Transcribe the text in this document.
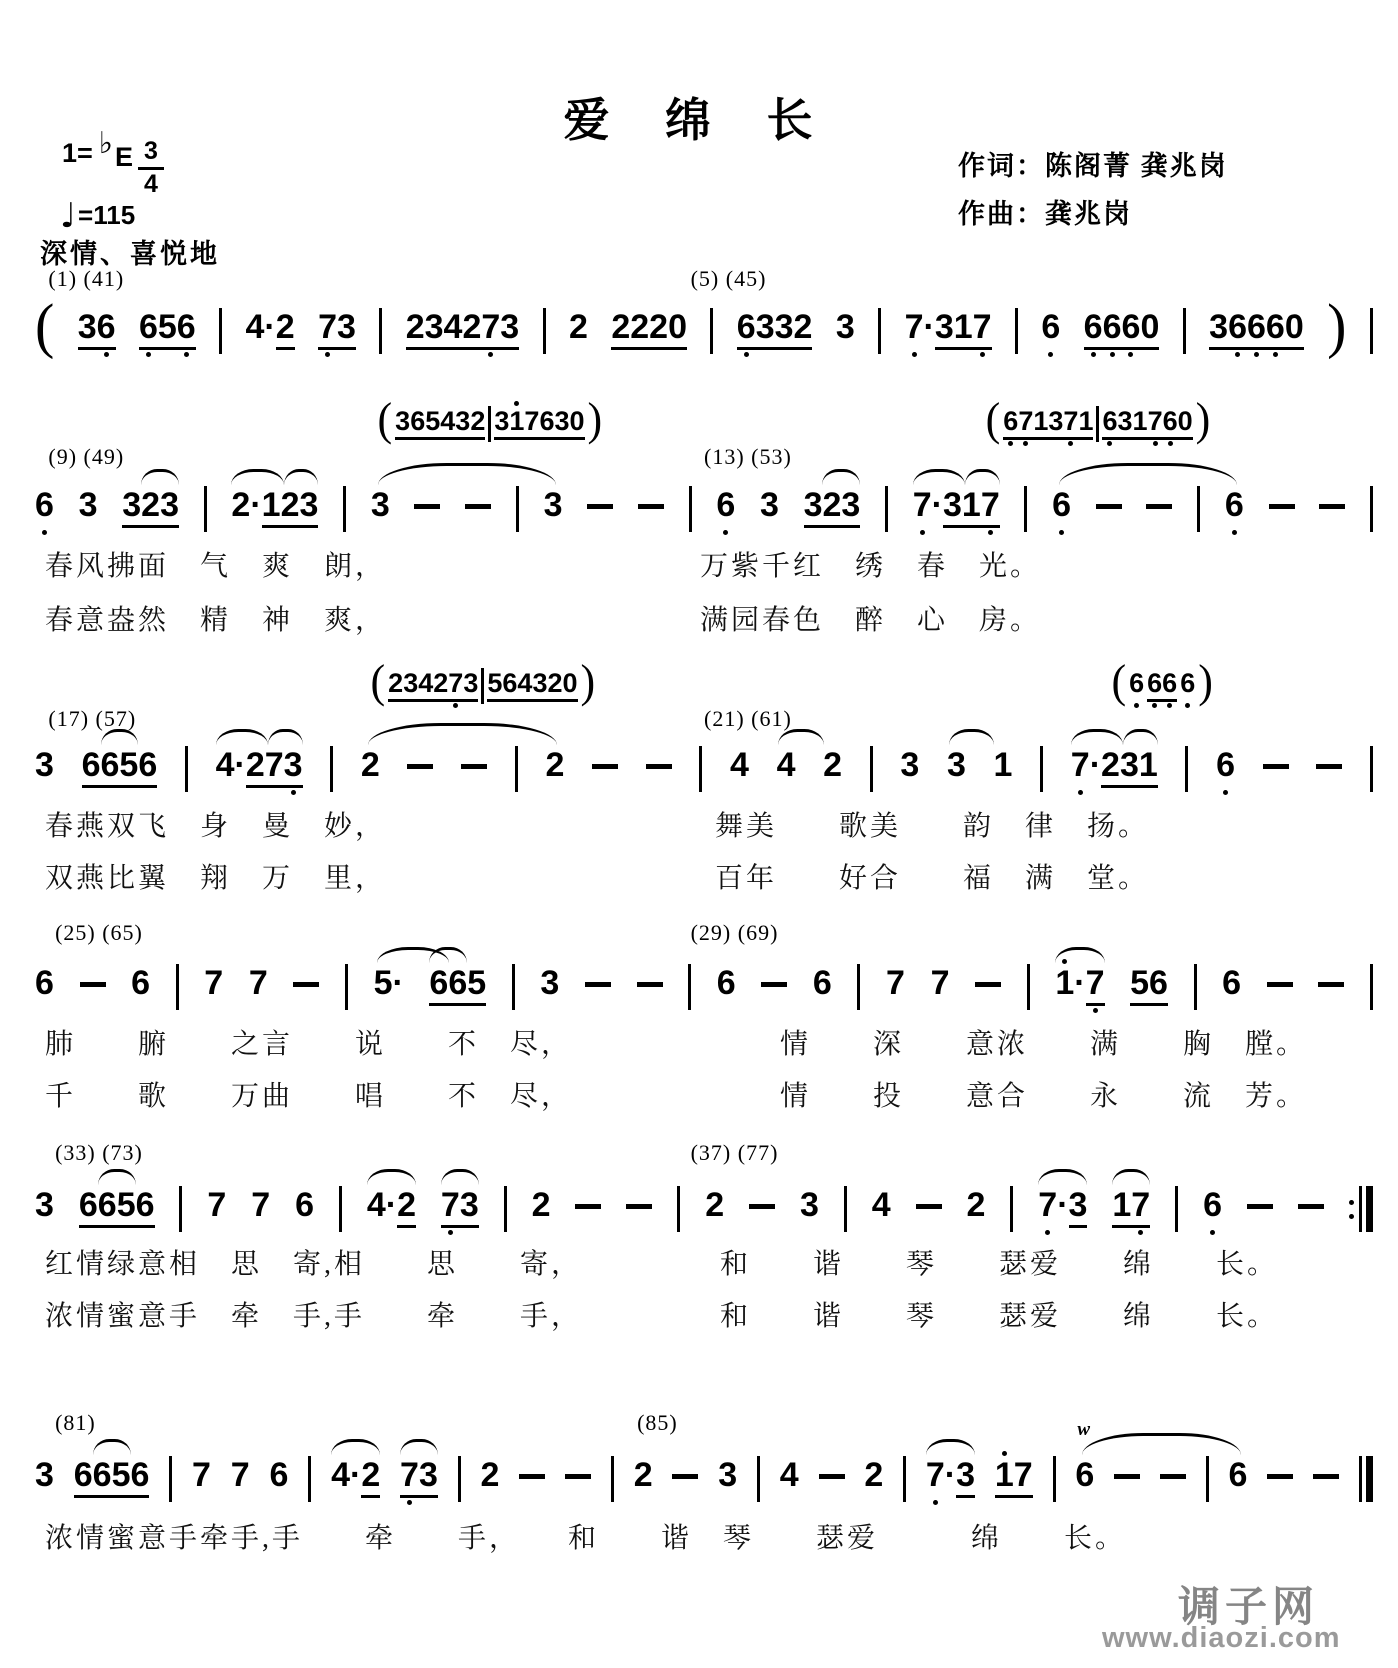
爱 绵 长
1= ♭ E $\frac{3}{4}$
♩ =115
深情、喜悦地
作词：陈阁菁 龚兆岗
作曲：龚兆岗
(1) (41)	(5) (45)
( 3 6 6 5 6 4 · 2 7 3 2 3 4 2 7 3 2 2 2 2 0 6 3 3 2 3 7 · 3 1 7 6 6 6 6 0 3 6 6 6 0 )
(9) (49)	(13) (53)
( 3 6 5 4 3 2 3 1 7 6 3 0 )	( 6 7 1 3 7 1 6 3 1 7 6 0 )
6 3 3 2 3 2 · 1 2 3 3	3	6 3 3 2 3 7 · 3 1 7 6	6
(17) (57)	(21) (61)
( 2 3 4 2 7 3 5 6 4 3 2 0 )	( 6 6 6 6 )
3 6 6 5 6 4 · 2 7 3 2	2	4 4 2 3 3 1 7 · 2 3 1 6
(25) (65)	(29) (69)
6 6 7 7	5 · 6 6 5 3	6 6 7 7	1 · 7 5 6 6
(33) (73)	(37) (77)
3 6 6 5 6 7 7 6 4 · 2 7 3 2	2 3 4 2 7 · 3 1 7 6
(81)	(85)
3 6 6 5 6 7 7 6 4 · 2 7 3 2	2 3 4 2 7 · 3 1 7 6
w
6
春风拂面　气　爽　朗，	万紫千红　绣　春　光。
春意盎然　精　神　爽，	满园春色　醉　心　房。
春燕双飞　身　曼　妙，	舞美　　歌美　　韵　律　扬。
双燕比翼　翔　万　里，	百年　　好合　　福　满　堂。
肺　　腑　　之言　　说　　不　尽，	情　　深　　意浓　　满　　胸　膛。
千　　歌　　万曲　　唱　　不　尽，	情　　投　　意合　　永　　流　芳。
红情绿意相　思　寄,相　　思　　寄，	和　　谐　　琴　　瑟爱　　绵　　长。
浓情蜜意手　牵　手,手　　牵　　手，	和　　谐　　琴　　瑟爱　　绵　　长。
浓情蜜意手牵手,手　　牵　　手，　　和　　谐　琴　　瑟爱　　　绵　　长。
调子网
www.diaozi.com
